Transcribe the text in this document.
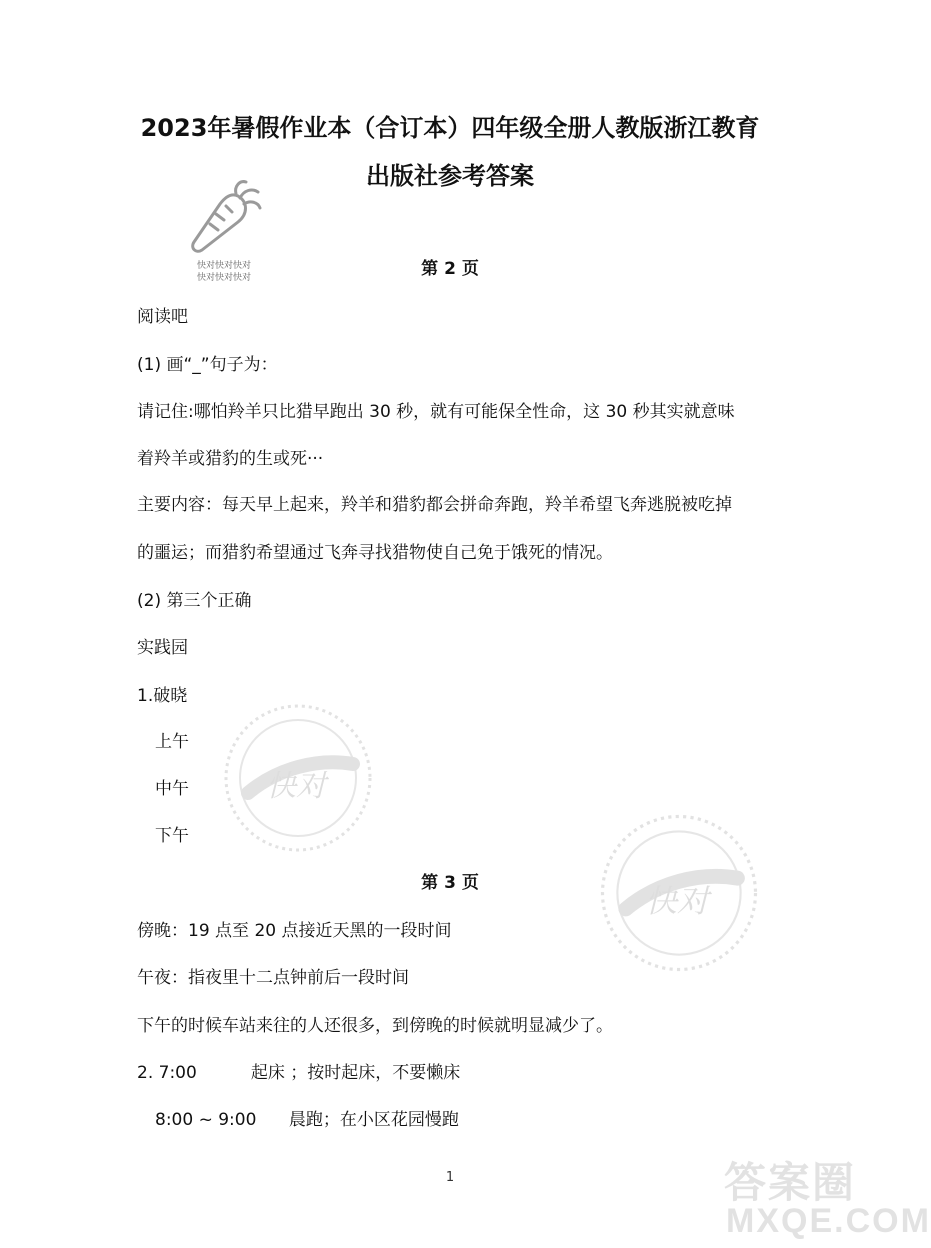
2023年暑假作业本（合订本）四年级全册人教版浙江教育
出版社参考答案
快对快对快对
快对快对快对	第 2 页
阅读吧
(1) 画“_”句子为：
请记住:哪怕羚羊只比猎早跑出 30 秒，就有可能保全性命，这 30 秒其实就意味
着羚羊或猎豹的生或死···
主要内容：每天早上起来，羚羊和猎豹都会拼命奔跑，羚羊希望飞奔逃脱被吃掉
的噩运；而猎豹希望通过飞奔寻找猎物使自己免于饿死的情况。
(2) 第三个正确
实践园
1.破晓
上午
中午
下午
第 3 页
傍晚：19 点至 20 点接近天黑的一段时间
午夜：指夜里十二点钟前后一段时间
下午的时候车站来往的人还很多，到傍晚的时候就明显减少了。
2. 7:00          起床 ；按时起床，不要懒床
8:00 ~ 9:00      晨跑；在小区花园慢跑
快对
快对
1	答案圈
MXQE.COM
